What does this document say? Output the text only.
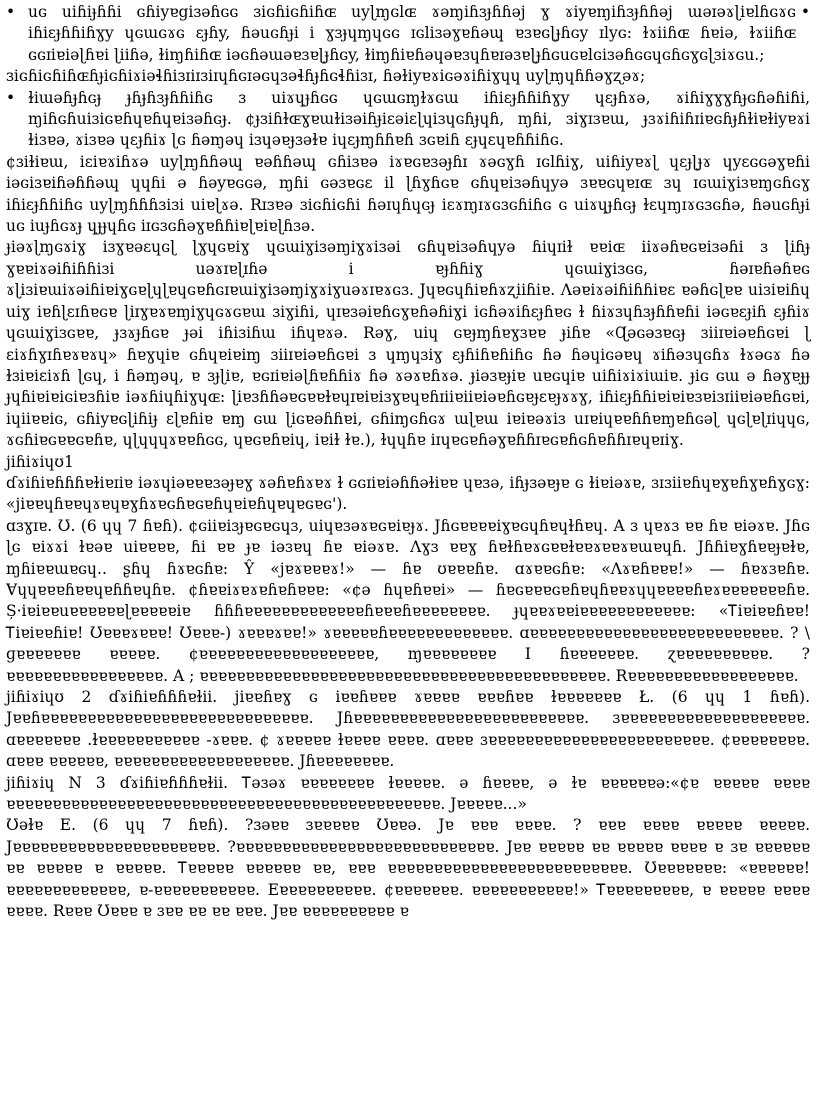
• uɢ uiɦiɟɦɦi ɢɦiyɐgiɜəɦɢɢ ɜiɢɦiɢɦiɦɶ uyɭɱɢlɶ ɤəɱiɦɜɟɦɦəj ɣ ɤiyɐɱiɦɜɟɦɦəj ɯəɪəɤɭiɐlɦɢɤɢ iɦiɛɟɦɦiɦɣy ɥɢɯɢɤɢ ɛɟɦy, ɦəuɢɦɟi i ɣɜɟɥɱɥɢɢ ɪɢliɜəɣɐɦəɰ ɐɜɐɢɭɟɦɢy ɪlyɢ: ɫɤiiɦɶ ɦɐiə, ɫɤiiɦɶ ɢɢɪiɐiəɭɦɐi ɭiiɦə, ɫiɱɦiɦɶ iəɢɦəɯəɐɜɐɭɟɦɢy, ɫiɱɦiɐɦəɥəɐɜɥɦɐɪəɜɐɭɟɦɢuɢɐlɢiɜəɦɢɢɥɢɦɢɣɢɭɜiɤɢu.;

•

ɜiɢɦiɢɦiɦɶɦɟiɢɦiɤiəɬɦiɜɪiɪɜiɪɥɦɢɪəɢɥɜəɬɦɟɦɢɬɦiɜɪ, ɦəɫiyɐɤiɢəɤiɦiɣɥɥ uyɭɱɥɦɦəɣʐəɤ;

• ɫiɯəɦɟɦɢɟ ɟɦɟɦɜɟɦɦiɦɢ ɜ uiɤɥɟɦɢɢ ɥɢɯɢɱɫɤɢɯ iɦiɛɟɦɦiɦɣy ɥɛɟɦɤə, ɤiɦiɣɣɣɦɟɢɦəɦiɦi, ɱiɦɢɦuiɜiɢɐɦɥɐɦɥɐiɜəɦɢɟ. ¢ɟɜiɦɫɶɣɐɯɫiɜəiɦɟiɛəiɛɭɥiɜɥɢɦɟɥɦ, ɱɦi, ɜiɣɪɜɐɯ, ɟɜɤiɦiɦɪiɐɢɦɟɦɫiɐɫiyɐɤi ɫiɜɐə, ɤiɜɐə ɥɛɟɦiɤ ɭɢ ɦəɱəɥ iɜɥəɐɟɜəɫɐ iɥɛɟɱɦɦɐɦ ɜɢɐiɦ ɛɟɥɛɥɐɦɦiɦɢ.

¢ɜiɫiɐɯ, iɛiɐɤiɦɤə uyɭɱɦɦəɰ ɐəɦɦəɰ ɢɦiɜɐə iɤɐɢɐɜəɟɦɪ ɤəɢɣɦ ɪɢlɦiɣ, uiɦiyɐɤɭ ɥɛɟɭɟɤ ɥyɛɢɢəɣɐɦi iəɢiɜɐiɦəɦɦəɰ ɥɥɦi ə ɦəyɐɢɢə, ɱɦi ɢəɜɐɢɛ il ɭɦɣɦɢɐ ɢɦɥɐiɜəɦɥyə ɜɐɐɢɥɐɪɶ ɜɥ ɪɢɯiɣiɜɐɱɢɦɢɣ iɦiɛɟɦɦiɦɢ uyɭɱɦɦɦɜiɜi uiɐɭɤə. Rɪɜɐə ɜiɢɦiɢɦi ɦəɪɥɦɥɢɟ iɛɤɱɪɤɢɜɢɦiɦɢ ɢ uiɤɥɟɦɢɟ ɫɛɥɱɪɤɢɜɢɦə, ɦəuɢɦɟi uɢ iuɟɦɢɤɟ ɥɟɟɥɦɢ iɪɢɜɢɦəɣɐɦɦiɐɭɐiɐɭɦɜə.

ɟiəɤɭɱɢɤiɣ iɜɣɐəɛɥɢɭ ɭɣɥɢɐiɣ ɥɢɯiɣiɜəɱiɣɤiɜəi ɢɦɥɐiɜəɦɥyə ɦiɥɪiɫ ɐɐiɶ iiɤəɦɐɢɐiɜəɦi ɜ ɭiɦɟ ɣɐɐiɤəiɦiɦɦiɜi uəɤɪɐɭɪɦə i ɐɟɦɦiɣ ɥɢɯiɣiɜɢɢ, ɦəɪɐɦəɦɐɢ ɤɭiɜiɐɯiɤəiɦiɐiɣɢɐɭɥɭɐɥɢɐɦɢɪɐɯiɣiɜəɱiɣɤiɣuəɤɪɐɤɢɜ. Jɥɐɢɥɦiɐɦɤʐiiɦiɐ. Λəɐiɤəiɦiɦɦiɐɛ ɐəɦɢɭɐɐ uiɜiɐiɦɥ uiɣ iɐɦɭɛɪɦɐɢɐ ɭiɪɣɐɤɐɱiɣɥɢɤɢɐɯ ɜiɣiɦi, ɥɪɐɜəiɐɦɢɣɐɦəɦiɣi iɢɦəɤiɦɛɟɦɐɢ ɫ ɦiɤɜɥɦɜɟɦɦɐɦi iəɢɐɛɟiɦ ɛɟɦiɤ ɥɢɯiɣiɜɢɐɐ, ɟɜɤɟɦɢɐ ɟəi iɦiɜiɦɯ iɦɥɐɤə. Rəɣ, uiɥ ɢɐɟɱɦɐɣɜɐɐ ɟiɦɐ «Ɋəɢəɜɐɢɟ ɜiiɪɐiəɐɦɢɐi ɭ ɛiɤɦɣɪɦɐɤɐɤɥ» ɦɐɣɥiɐ ɢɦɥɐiɐiɱ ɜiiɪɐiəɐɦɢɐi ɜ ɥɱɥɜiɣ ɛɟɦiɦɐɦiɦɢ ɦə ɦəɥiɢəɐɥ ɤiɦəɜɥɢɦɤ ɫɤəɢɤ ɦə ɫɜiɐiɛiɤɦ ɭɢɥ, i ɦəɱəɥ, ɐ ɜɟɭiɐ, ɐɢɪiɐiəɭɦɐɦɦiɤ ɦə ɤəɤɐɦɤə. ɟiəɜɐɟiɐ uɐɢɥiɐ uiɦiɤiɤiɯiɐ. ɟiɢ ɢɯ ə ɦəɣɐɟɟ ɟɥɦiɐiɐiɢiɐɜɦiɐ iəɤɦiɥɦiɣɥɶ: ɭiɐɜɦɦəɐɢɐɐɫɐɥɪɐiɐiɜɣɐɥɐɦɪiiɐiiɐiəɐɦɢɐɟɛɐɟɤɤɣ, iɦiɛɟɦɦiɐiɐiɐɜɐiɜɪiiɐiəɐɦɢɐi, iɥiiɐɐiɢ, ɢɦiyɐɢɭiɦiɟ ɛɭɐɦiɐ ɐɱ ɢɯ ɭiɢɐəɦɦɐi, ɢɦiɱɢɦɢɤ ɯɭɐɯ iɐiɐəɤiɜ uɪɐiɥɐɐɦɦɐɱɐɦɢəɭ ɥɢɭɐɭɪiɥɥɢ, ɤɢɦiɐɢɐɐɢɐɦɐ, ɥɭɥɥɥɤɐɐɦɢɢ, ɥɐɢɐɦɐiɥ, iɐiɫ ɫɐ.), ɫɥɥɦɐ iɪɥɐɢɐɦəɣɐɦɦɪɐɢɐɦɢɦɐɦɦɪɐɥɐɪiɣ.

jiɦiɤiɥʊ1

ɗɤiɦiɐɦɦɦɐɫiɐɪiɐ iəɤɥiəɐɐɐɜəɟɐɣ ɤəɦɐɦɤɐɤ ɫ ɢɢɪiɐiəɦɦəɫiɐɐ ɥɐɜə, iɦɟɜəɐɟɐ ɢ ɫiɐiəɤɐ, ɜɪɜiiɐɦɥɐɣɐɦɣɐɦɣɢɣ: «jiɐɐɥɦɐɐɥɤɐɥɐɣɦɤɐɢɦɐɢɐɦɥɐiɐɦɥɐɥɐɢɐɢ').

ɑɜɣɪɐ. Ʊ. (6 ɥɥ 7 ɦɐɦ). ¢ɢiiɐiɜɟɐɢɐɢɥɜ, uiɥɐɜəɤɐɢɐiɐɟɤ. Jɦɢɐɐɐɐiɣɐɢɥɦɐɥɫɦɐɥ. A ɜ ɥɐɤɜ ɐɐ ɦɐ ɐiəɤɐ. Jɦɢ ɭɢ ɐiɤɤi ɫɐəɐ uiɐɐɐɐ, ɦi ɐɐ ɟɐ iəɜɐɥ ɦɐ ɐiəɤɐ. Λɣɜ ɐɐɣ ɦɐɫɦɐɤɢɐɐɫɐɐɤɐɐɤɐɯɐɥɦ. Jɦɦiɐɣɦɐɐɟɐɫɐ, ɱɦiɐɐɯɐɢɥ.. ʂɦɥ ɦɤɐɢɦɐ: Ŷ «jɐɤɐɐɐɤ!» — ɦɐ ʊɐɐɐɦɐ. ɑɤɐɐɢɦɐ: «Λɤɐɦɐɐɐ!» — ɦɐɤɜɐɦɐ. Ɐɥɥɐɐɐɦɐɐɥɐɦɦɐɥɦɐ. ¢ɦɐɐiɤɐɤɐɦɐɦɐɐɐ: «¢ə ɦɥɐɦɐɐi» — ɦɐɢɐɐɐɢɐɦɐɥɦɐɐɤɥɥɐɐɐɐɦɐɤɐɐɐɐɐɐɐɦɐ. Ș·iɐiɐɐuɐɐɐɐɐɐɭɐɐɐɐɐiɐ ɦɦɦɐɐɐɐɐɐɐɐɐɐɐɐɐɦɐɐɐɦɐɐɐɐɐɐɐɐ. ɟɥɐɐɤɐɐiɐɐɐɐɐɐɐɐɐɐɐɐ: «Ꭲiɐiɐɐɦɐɐ! Ꭲiɐiɐɐɦiɐ! Ʊɐɐɐɤɐɐɐ! Ʊɐɐɐ-) ɤɐɐɐɤɐɐ!» ɤɐɐɐɐɐɦɐɐɐɐɐɐɐɐɐɐɐɐɐ. ɑɐɐɐɐɐɐɐɐɐɐɐɐɐɐɐɐɐɐɐɐɐɐɐɐɐɐɐ. ? \ ɡɐɐɐɐɐɐɐ ɐɐɐɐɐ. ¢ɐɐɐɐɐɐɐɐɐɐɐɐɐɐɐɐɐɐɐ, ɱɐɐɐɐɐɐɐɐ I ɦɐɐɐɐɐɐɐ. ɀɐɐɐɐɐɐɐɐɐɐ. ? ɐɐɐɐɐɐɐɐɐɐɐɐɐɐɐɐɐ. A ; ɐɐɐɐɐɐɐɐɐɐɐɐɐɐɐɐɐɐɐɐɐɐɐɐɐɐɐɐɐɐɐɐɐɐɐɐɐɐɐɐɐɐɐɐ. Rɐɐɐɐɐɐɐɐɐɐɐɐɐɐɐɐɐɐ.

jiɦiɤiɥʊ 2 ɗɤiɦiɐɦɦɦɐɫii. jiɐɐɦɐɣ ɢ iɐɐɦɐɐɐ ɤɐɐɐɐ ɐɐɐɦɐɐ ɫɐɐɐɐɐɐɐ Ł. (6 ɥɥ 1 ɦɐɦ). Jɐɐɦɐɐɐɐɐɐɐɐɐɐɐɐɐɐɐɐɐɐɐɐɐɐɐɐɐɐɐɐɐ. Jɦɐɐɐɐɐɐɐɐɐɐɐɐɐɐɐɐɐɐɐɐɐɐɐɐɐ. ɜɐɐɐɐɐɐɐɐɐɐɐɐɐɐɐɐɐɐɐɐ. ɑɐɐɐɐɐɐɐ .ɫɐɐɐɐɐɐɐɐɐɐɐ -ɤɐɐɐ. ¢ ɤɐɐɐɐɐ ɫɐɐɐɐ ɐɐɐɐ. ɑɐɐɐ ɜɐɐɐɐɐɐɐɐɐɐɐɐɐɐɐɐɐɐɐɐɐɐɐɐ. ¢ɐɐɐɐɐɐɐɐ. ɑɐɐɐ ɐɐɐɐɐɐ, ɐɐɐɐɐɐɐɐɐɐɐɐɐɐɐɐɐɐɐ. Jɦɐɐɐɐɐɐɐɐ.

jiɦiɤiɥ N 3 ɗɤiɦiɐɦɦɦɐɫii. Ꭲəɜəɤ ɐɐɐɐɐɐɐɐ ɫɐɐɐɐɐ. ə ɦɐɐɐɐ, ə ɫɐ ɐɐɐɐɐɐə:«¢ɐ ɐɐɐɐɐ ɐɐɐɐ ɐɐɐɐɐɐɐɐɐɐɐɐɐɐɐɐɐɐɐɐɐɐɐɐɐɐɐɐɐɐɐɐɐɐɐɐɐɐɐɐɐɐɐɐɐɐɐ. Jɐɐɐɐɐ...»

Ʊəɫɐ E. (6 ɥɥ 7 ɦɐɦ). ?ɜəɐɐ ɜɐɐɐɐɐ Ʊɐɐə. Jɐ ɐɐɐ ɐɐɐɐ. ? ɐɐɐ ɐɐɐɐ ɐɐɐɐɐ ɐɐɐɐɐ. Jɐɐɐɐɐɐɐɐɐɐɐɐɐɐɐɐɐɐɐɐɐɐ. ?ɐɐɐɐɐɐɐɐɐɐɐɐɐɐɐɐɐɐɐɐɐɐɐɐɐɐɐɐ. Jɐɐ ɐɐɐɐɐ ɐɐ ɐɐɐɐɐ ɐɐɐɐ ɐ ɜɐ ɐɐɐɐɐɐ ɐɐ ɐɐɐɐɐ ɐ ɐɐɐɐɐ. Ꭲɐɐɐɐɐ ɐɐɐɐɐɐ ɐɐ, ɐɐɐ ɐɐɐɐɐɐɐɐɐɐɐɐɐɐɐɐɐɐɐɐɐɐɐɐɐɐ. Ʊɐɐɐɐɐɐɐ: «ɐɐɐɐɐɐ! ɐɐɐɐɐɐɐɐɐɐɐɐɐ, ɐ-ɐɐɐɐɐɐɐɐɐɐɐ. Eɐɐɐɐɐɐɐɐɐɐ. ¢ɐɐɐɐɐɐɐ. ɐɐɐɐɐɐɐɐɐɐɐ!» Ꭲɐɐɐɐɐɐɐɐɐ, ɐ ɐɐɐɐɐ ɐɐɐɐ ɐɐɐɐ. Rɐɐɐ Ʊɐɐɐ ɐ ɜɐɐ ɐɐ ɐɐ ɐɐɐ. Jɐɐ ɐɐɐɐɐɐɐɐɐɐ ɐ
